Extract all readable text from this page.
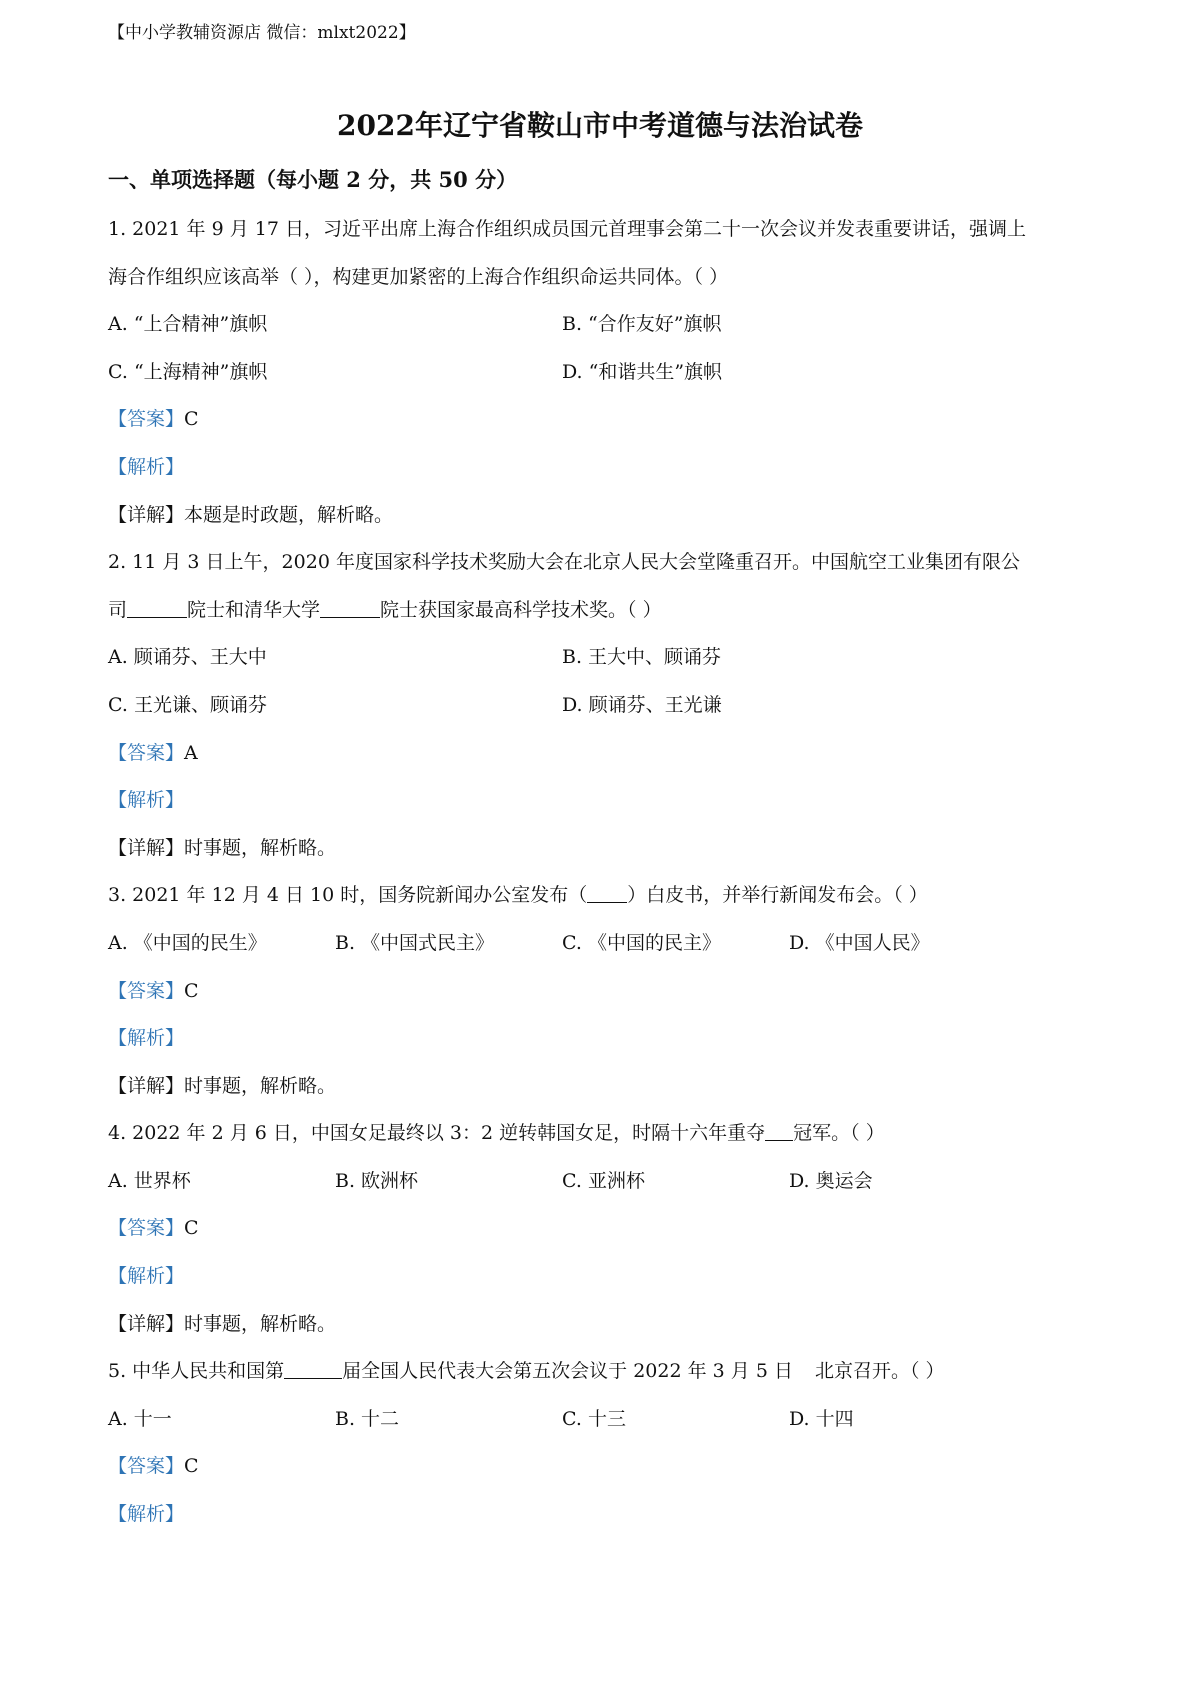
【中小学教辅资源店 微信：mlxt2022】
2022年辽宁省鞍山市中考道德与法治试卷
一、单项选择题（每小题 2 分，共 50 分）
1. 2021 年 9 月 17 日，习近平出席上海合作组织成员国元首理事会第二十一次会议并发表重要讲话，强调上
海合作组织应该高举（ ），构建更加紧密的上海合作组织命运共同体。（ ）
A. “上合精神”旗帜	B. “合作友好”旗帜
C. “上海精神”旗帜	D. “和谐共生”旗帜
【答案】C
【解析】
【详解】本题是时政题，解析略。
2. 11 月 3 日上午，2020 年度国家科学技术奖励大会在北京人民大会堂隆重召开。中国航空工业集团有限公
司	院士和清华大学	院士获国家最高科学技术奖。（ ）
A. 顾诵芬、王大中	B. 王大中、顾诵芬
C. 王光谦、顾诵芬	D. 顾诵芬、王光谦
【答案】A
【解析】
【详解】时事题，解析略。
3. 2021 年 12 月 4 日 10 时，国务院新闻办公室发布（ ）白皮书，并举行新闻发布会。（ ）
A. 《中国的民生》	B. 《中国式民主》	C. 《中国的民主》	D. 《中国人民》
【答案】C
【解析】
【详解】时事题，解析略。
4. 2022 年 2 月 6 日，中国女足最终以 3：2 逆转韩国女足，时隔十六年重夺 冠军。（ ）
A. 世界杯	B. 欧洲杯	C. 亚洲杯	D. 奥运会
【答案】C
【解析】
【详解】时事题，解析略。
5. 中华人民共和国第	届全国人民代表大会第五次会议于 2022 年 3 月 5 日 北京召开。（ ）
A. 十一	B. 十二	C. 十三	D. 十四
【答案】C
【解析】
